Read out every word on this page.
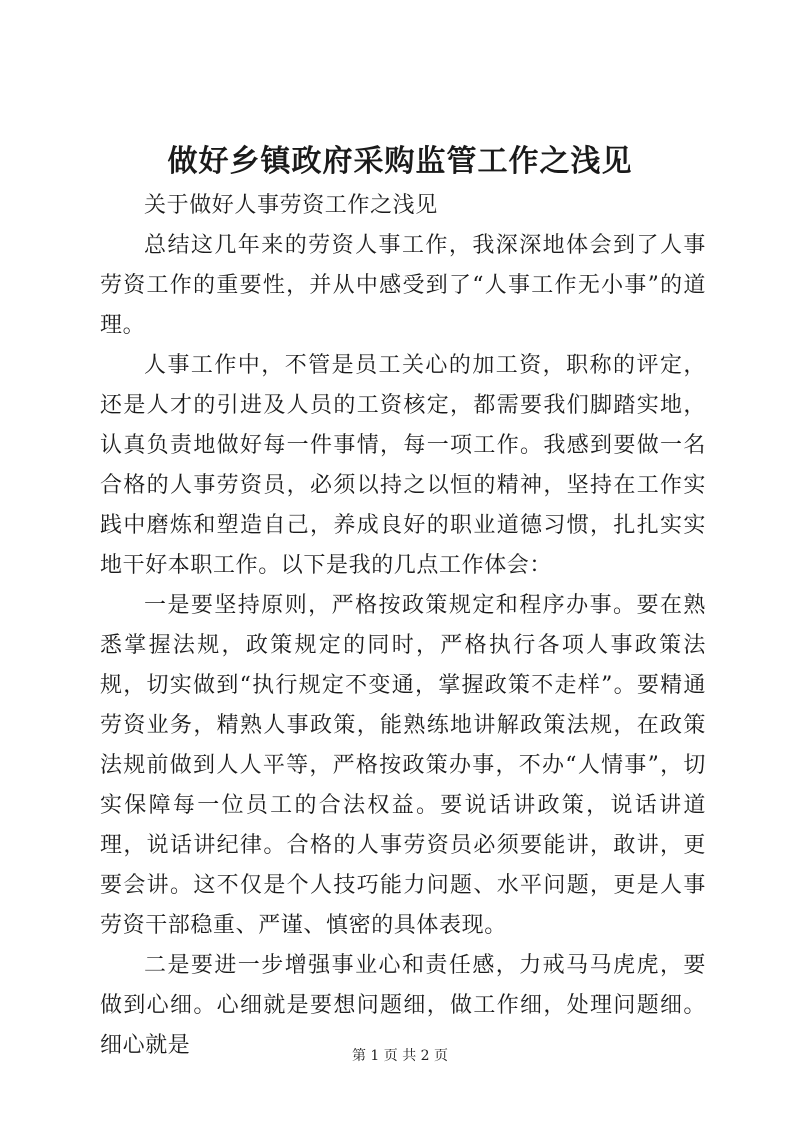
做好乡镇政府采购监管工作之浅见

关于做好人事劳资工作之浅见

总结这几年来的劳资人事工作，我深深地体会到了人事劳资工作的重要性，并从中感受到了“人事工作无小事”的道理。

人事工作中，不管是员工关心的加工资，职称的评定，还是人才的引进及人员的工资核定，都需要我们脚踏实地，认真负责地做好每一件事情，每一项工作。我感到要做一名合格的人事劳资员，必须以持之以恒的精神，坚持在工作实践中磨炼和塑造自己，养成良好的职业道德习惯，扎扎实实地干好本职工作。以下是我的几点工作体会：

一是要坚持原则，严格按政策规定和程序办事。要在熟悉掌握法规，政策规定的同时，严格执行各项人事政策法规，切实做到“执行规定不变通，掌握政策不走样”。要精通劳资业务，精熟人事政策，能熟练地讲解政策法规，在政策法规前做到人人平等，严格按政策办事，不办“人情事”，切实保障每一位员工的合法权益。要说话讲政策，说话讲道理，说话讲纪律。合格的人事劳资员必须要能讲，敢讲，更要会讲。这不仅是个人技巧能力问题、水平问题，更是人事劳资干部稳重、严谨、慎密的具体表现。

二是要进一步增强事业心和责任感，力戒马马虎虎，要做到心细。心细就是要想问题细，做工作细，处理问题细。细心就是	第 1 页 共 2 页
